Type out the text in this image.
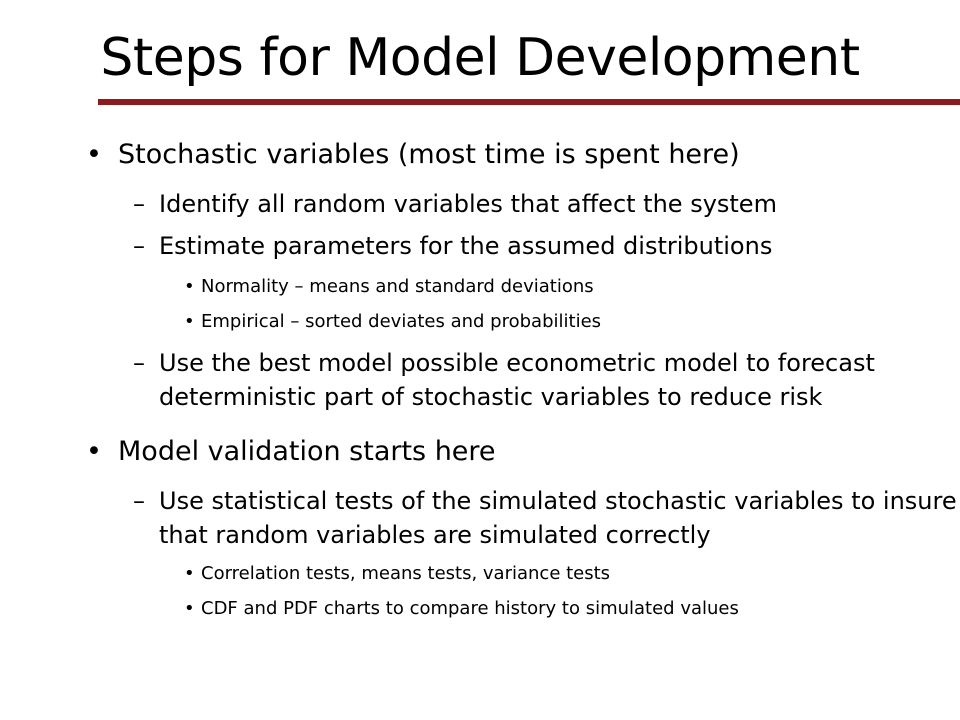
Steps for Model Development
• Stochastic variables (most time is spent here)
– Identify all random variables that affect the system
– Estimate parameters for the assumed distributions
• Normality – means and standard deviations
• Empirical – sorted deviates and probabilities
– Use the best model possible econometric model to forecast deterministic part of stochastic variables to reduce risk
• Model validation starts here
– Use statistical tests of the simulated stochastic variables to insure that random variables are simulated correctly
• Correlation tests, means tests, variance tests
• CDF and PDF charts to compare history to simulated values
